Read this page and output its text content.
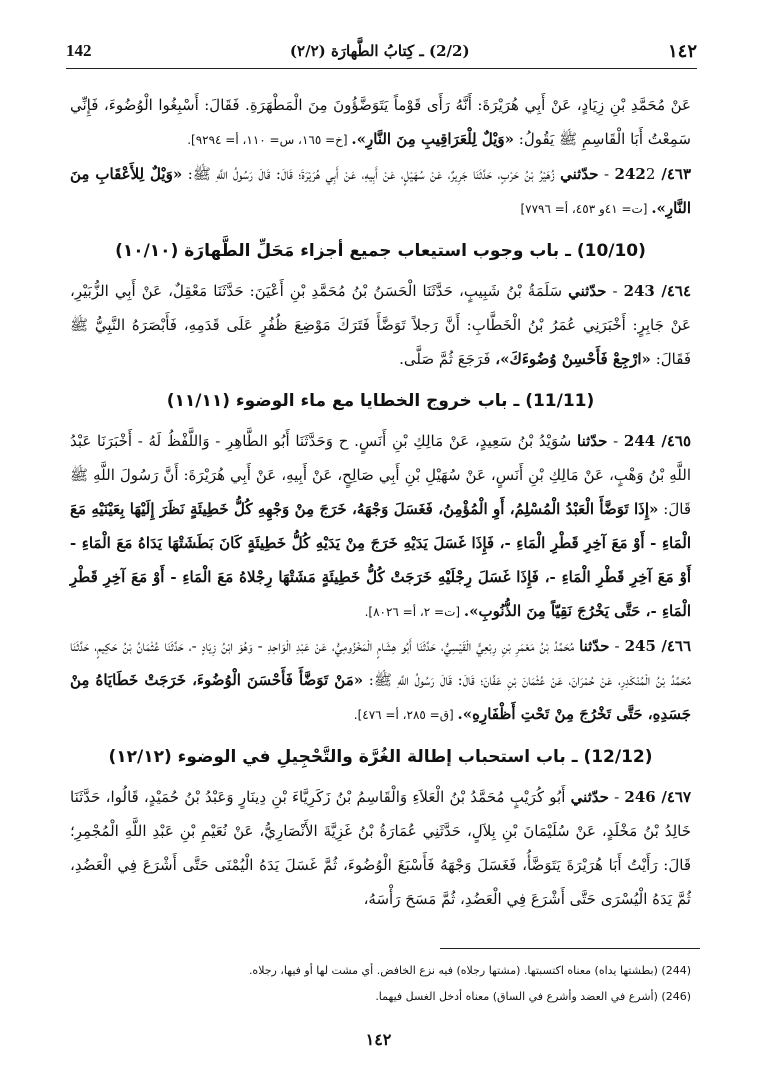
142	(2/2) ـ كِتابُ الطَّهارَة (٢/٢)	١٤٢

عَنْ مُحَمَّدِ بْنِ زِيَادٍ، عَنْ أَبِي هُرَيْرَةَ: أَنَّهُ رَأَى قَوْماً يَتَوَضَّؤُونَ مِنَ الْمَطْهَرَةِ. فَقَالَ: أَسْبِغُوا الْوُضُوءَ، فَإِنِّي سَمِعْتُ أَبَا الْقَاسِمِ ﷺ يَقُولُ: «وَيْلٌ لِلْعَرَاقِيبِ مِنَ النَّارِ». [خ= ١٦٥، س= ١١٠، أ= ٩٢٩٤].

٤٦٣/ 2422 - حدّثني زُهَيْرُ بْنُ حَرْبٍ، حَدَّثَنَا جَرِيرٌ، عَنْ سُهَيْلٍ، عَنْ أَبِيهِ، عَنْ أَبِي هُرَيْرَةَ؛ قَالَ: قَالَ رَسُولُ اللَّهِ ﷺ: «وَيْلٌ لِلأَعْقَابِ مِنَ النَّارِ». [ت= ٤١و ٤٥٣، أ= ٧٧٩٦]

(10/10) ـ باب وجوب استيعاب جميع أجزاء مَحَلِّ الطَّهارَة (١٠/١٠)

٤٦٤/ 243 - حدّثني سَلَمَةُ بْنُ شَبِيبٍ، حَدَّثَنَا الْحَسَنُ بْنُ مُحَمَّدِ بْنِ أَعْيَنَ: حَدَّثَنَا مَعْقِلٌ، عَنْ أَبِي الزُّبَيْرِ، عَنْ جَابِرٍ: أَخْبَرَنِي عُمَرُ بْنُ الْخَطَّابِ: أَنَّ رَجلاً تَوَضَّأَ فَتَرَكَ مَوْضِعَ ظُفُرٍ عَلَى قَدَمِهِ، فَأَبْصَرَهُ النَّبِيُّ ﷺ فَقَالَ: «ارْجِعْ فَأَحْسِنْ وُضُوءَكَ»، فَرَجَعَ ثُمَّ صَلَّى.

(11/11) ـ باب خروج الخطايا مع ماء الوضوء (١١/١١)

٤٦٥/ 244 - حدّثنا سُوَيْدُ بْنُ سَعِيدٍ، عَنْ مَالِكِ بْنِ أَنَسٍ. ح وَحَدَّثَنَا أَبُو الطَّاهِرِ - وَاللَّفْظُ لَهُ - أَخْبَرَنَا عَبْدُ اللَّهِ بْنُ وَهْبٍ، عَنْ مَالِكِ بْنِ أَنَسٍ، عَنْ سُهَيْلِ بْنِ أَبِي صَالِحٍ، عَنْ أَبِيهِ، عَنْ أَبِي هُرَيْرَةَ: أَنَّ رَسُولَ اللَّهِ ﷺ قَالَ: «إِذَا تَوَضَّأَ الْعَبْدُ الْمُسْلِمُ، أَوِ الْمُؤْمِنُ، فَغَسَلَ وَجْهَهُ، خَرَجَ مِنْ وَجْهِهِ كُلُّ خَطِيئَةٍ نَظَرَ إِلَيْهَا بِعَيْنَيْهِ مَعَ الْمَاءِ - أَوْ مَعَ آخِرِ قَطْرِ الْمَاءِ -، فَإِذَا غَسَلَ يَدَيْهِ خَرَجَ مِنْ يَدَيْهِ كُلُّ خَطِيئَةٍ كَانَ بَطَشَتْهَا يَدَاهُ مَعَ الْمَاءِ - أَوْ مَعَ آخِرِ قَطْرِ الْمَاءِ -، فَإِذَا غَسَلَ رِجْلَيْهِ خَرَجَتْ كُلُّ خَطِيئَةٍ مَشَتْهَا رِجْلاهُ مَعَ الْمَاءِ - أَوْ مَعَ آخِرِ قَطْرِ الْمَاءِ -، حَتَّى يَخْرُجَ نَقِيّاً مِنَ الذُّنُوبِ». [ت= ٢، أ= ٨٠٢٦].

٤٦٦/ 245 - حدّثنا مُحَمَّدُ بْنُ مَعْمَرِ بْنِ رِبْعِيٍّ الْقَيْسِيُّ، حَدَّثَنَا أَبُو هِشَامٍ الْمَخْزُومِيُّ، عَنْ عَبْدِ الْوَاحِدِ - وَهُوَ ابْنُ زِيَادٍ -، حَدَّثَنَا عُثْمَانُ بْنُ حَكِيمٍ، حَدَّثَنَا مُحَمَّدُ بْنُ الْمُنْكَدِرِ، عَنْ حُمْرَانَ، عَنْ عُثْمَانَ بْنِ عَفَّانَ؛ قَالَ: قَالَ رَسُولُ اللَّهِ ﷺ: «مَنْ تَوَضَّأَ فَأَحْسَنَ الْوُضُوءَ، خَرَجَتْ خَطَايَاهُ مِنْ جَسَدِهِ، حَتَّى تَخْرُجَ مِنْ تَحْتِ أَظْفَارِهِ». [ق= ٢٨٥، أ= ٤٧٦].

(12/12) ـ باب استحباب إطالة الغُرَّة والتَّحْجِيلِ في الوضوء (١٢/١٢)

٤٦٧/ 246 - حدّثني أَبُو كُرَيْبٍ مُحَمَّدُ بْنُ الْعَلاَءِ وَالْقَاسِمُ بْنُ زَكَرِيَّاءَ بْنِ دِينَارٍ وَعَبْدُ بْنُ حُمَيْدٍ، قَالُوا، حَدَّثَنَا خَالِدُ بْنُ مَخْلَدٍ، عَنْ سُلَيْمَانَ بْنِ بِلاَلٍ، حَدَّثَنِي عُمَارَةُ بْنُ غَزِيَّةَ الأَنْصَارِيُّ، عَنْ نُعَيْمِ بْنِ عَبْدِ اللَّهِ الْمُجْمِرِ؛ قَالَ: رَأَيْتُ أَبَا هُرَيْرَةَ يَتَوَضَّأُ، فَغَسَلَ وَجْهَهُ فَأَسْبَغَ الْوُضُوءَ، ثُمَّ غَسَلَ يَدَهُ الْيُمْنَى حَتَّى أَشْرَعَ فِي الْعَضُدِ، ثُمَّ يَدَهُ الْيُسْرَى حَتَّى أَشْرَعَ فِي الْعَضُدِ، ثُمَّ مَسَحَ رَأْسَهُ،

(244) (بطشتها يداه) معناه اكتسبتها. (مشتها رجلاه) فيه نزع الخافض. أي مشت لها أو فيها، رجلاه.

(246) (أشرع في العضد وأشرع في الساق) معناه أدخل الغسل فيهما.

١٤٢
